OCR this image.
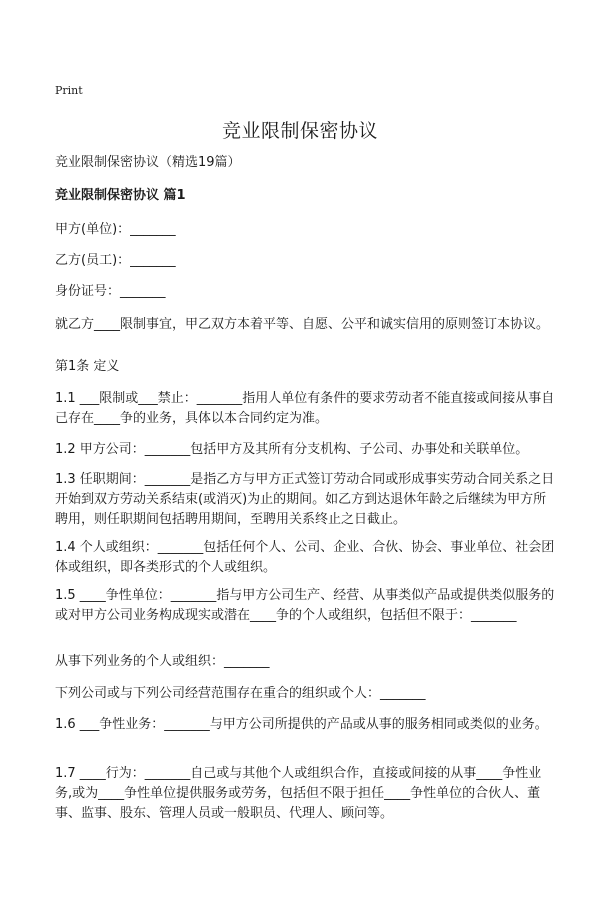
Print
竞业限制保密协议

竞业限制保密协议（精选19篇）

竞业限制保密协议 篇1

甲方(单位)：_______

乙方(员工)：_______

身份证号：_______

就乙方____限制事宜，甲乙双方本着平等、自愿、公平和诚实信用的原则签订本协议。

第1条 定义

1.1 ___限制或___禁止：_______指用人单位有条件的要求劳动者不能直接或间接从事自己存在____争的业务，具体以本合同约定为准。

1.2 甲方公司：_______包括甲方及其所有分支机构、子公司、办事处和关联单位。

1.3 任职期间：_______是指乙方与甲方正式签订劳动合同或形成事实劳动合同关系之日开始到双方劳动关系结束(或消灭)为止的期间。如乙方到达退休年龄之后继续为甲方所聘用，则任职期间包括聘用期间，至聘用关系终止之日截止。

1.4 个人或组织：_______包括任何个人、公司、企业、合伙、协会、事业单位、社会团体或组织，即各类形式的个人或组织。

1.5 ____争性单位：_______指与甲方公司生产、经营、从事类似产品或提供类似服务的或对甲方公司业务构成现实或潜在____争的个人或组织，包括但不限于：_______

从事下列业务的个人或组织：_______

下列公司或与下列公司经营范围存在重合的组织或个人：_______

1.6 ___争性业务：_______与甲方公司所提供的产品或从事的服务相同或类似的业务。

1.7 ____行为：_______自己或与其他个人或组织合作，直接或间接的从事____争性业务,或为____争性单位提供服务或劳务，包括但不限于担任____争性单位的合伙人、董事、监事、股东、管理人员或一般职员、代理人、顾问等。
